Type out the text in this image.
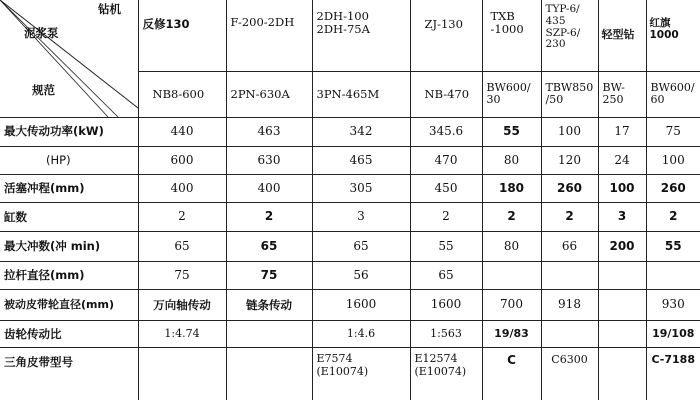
钻机

泥浆泵

规范	反修130	F-200-2DH	2DH-100
2DH-75A	ZJ-130	TXB
-1000	TYP-6/
435
SZP-6/
230	轻型钻	红旗1000
	NB8-600	2PN-630A	3PN-465M	NB-470	BW600/
30	TBW850
/50	BW-
250	BW600/
60
最大传动功率(kW)	440	463	342	345.6	55	100	17	75
(HP)	600	630	465	470	80	120	24	100
活塞冲程(mm)	400	400	305	450	180	260	100	260
缸数	2	2	3	2	2	2	3	2
最大冲数(冲 min)	65	65	65	55	80	66	200	55
拉杆直径(mm)	75	75	56	65				
被动皮带轮直径(mm)	万向轴传动	链条传动	1600	1600	700	918		930
齿轮传动比	1:4.74		1:4.6	1:563	19/83			19/108
三角皮带型号			E7574
(E10074)	E12574
(E10074)	C	C6300		C-7188
